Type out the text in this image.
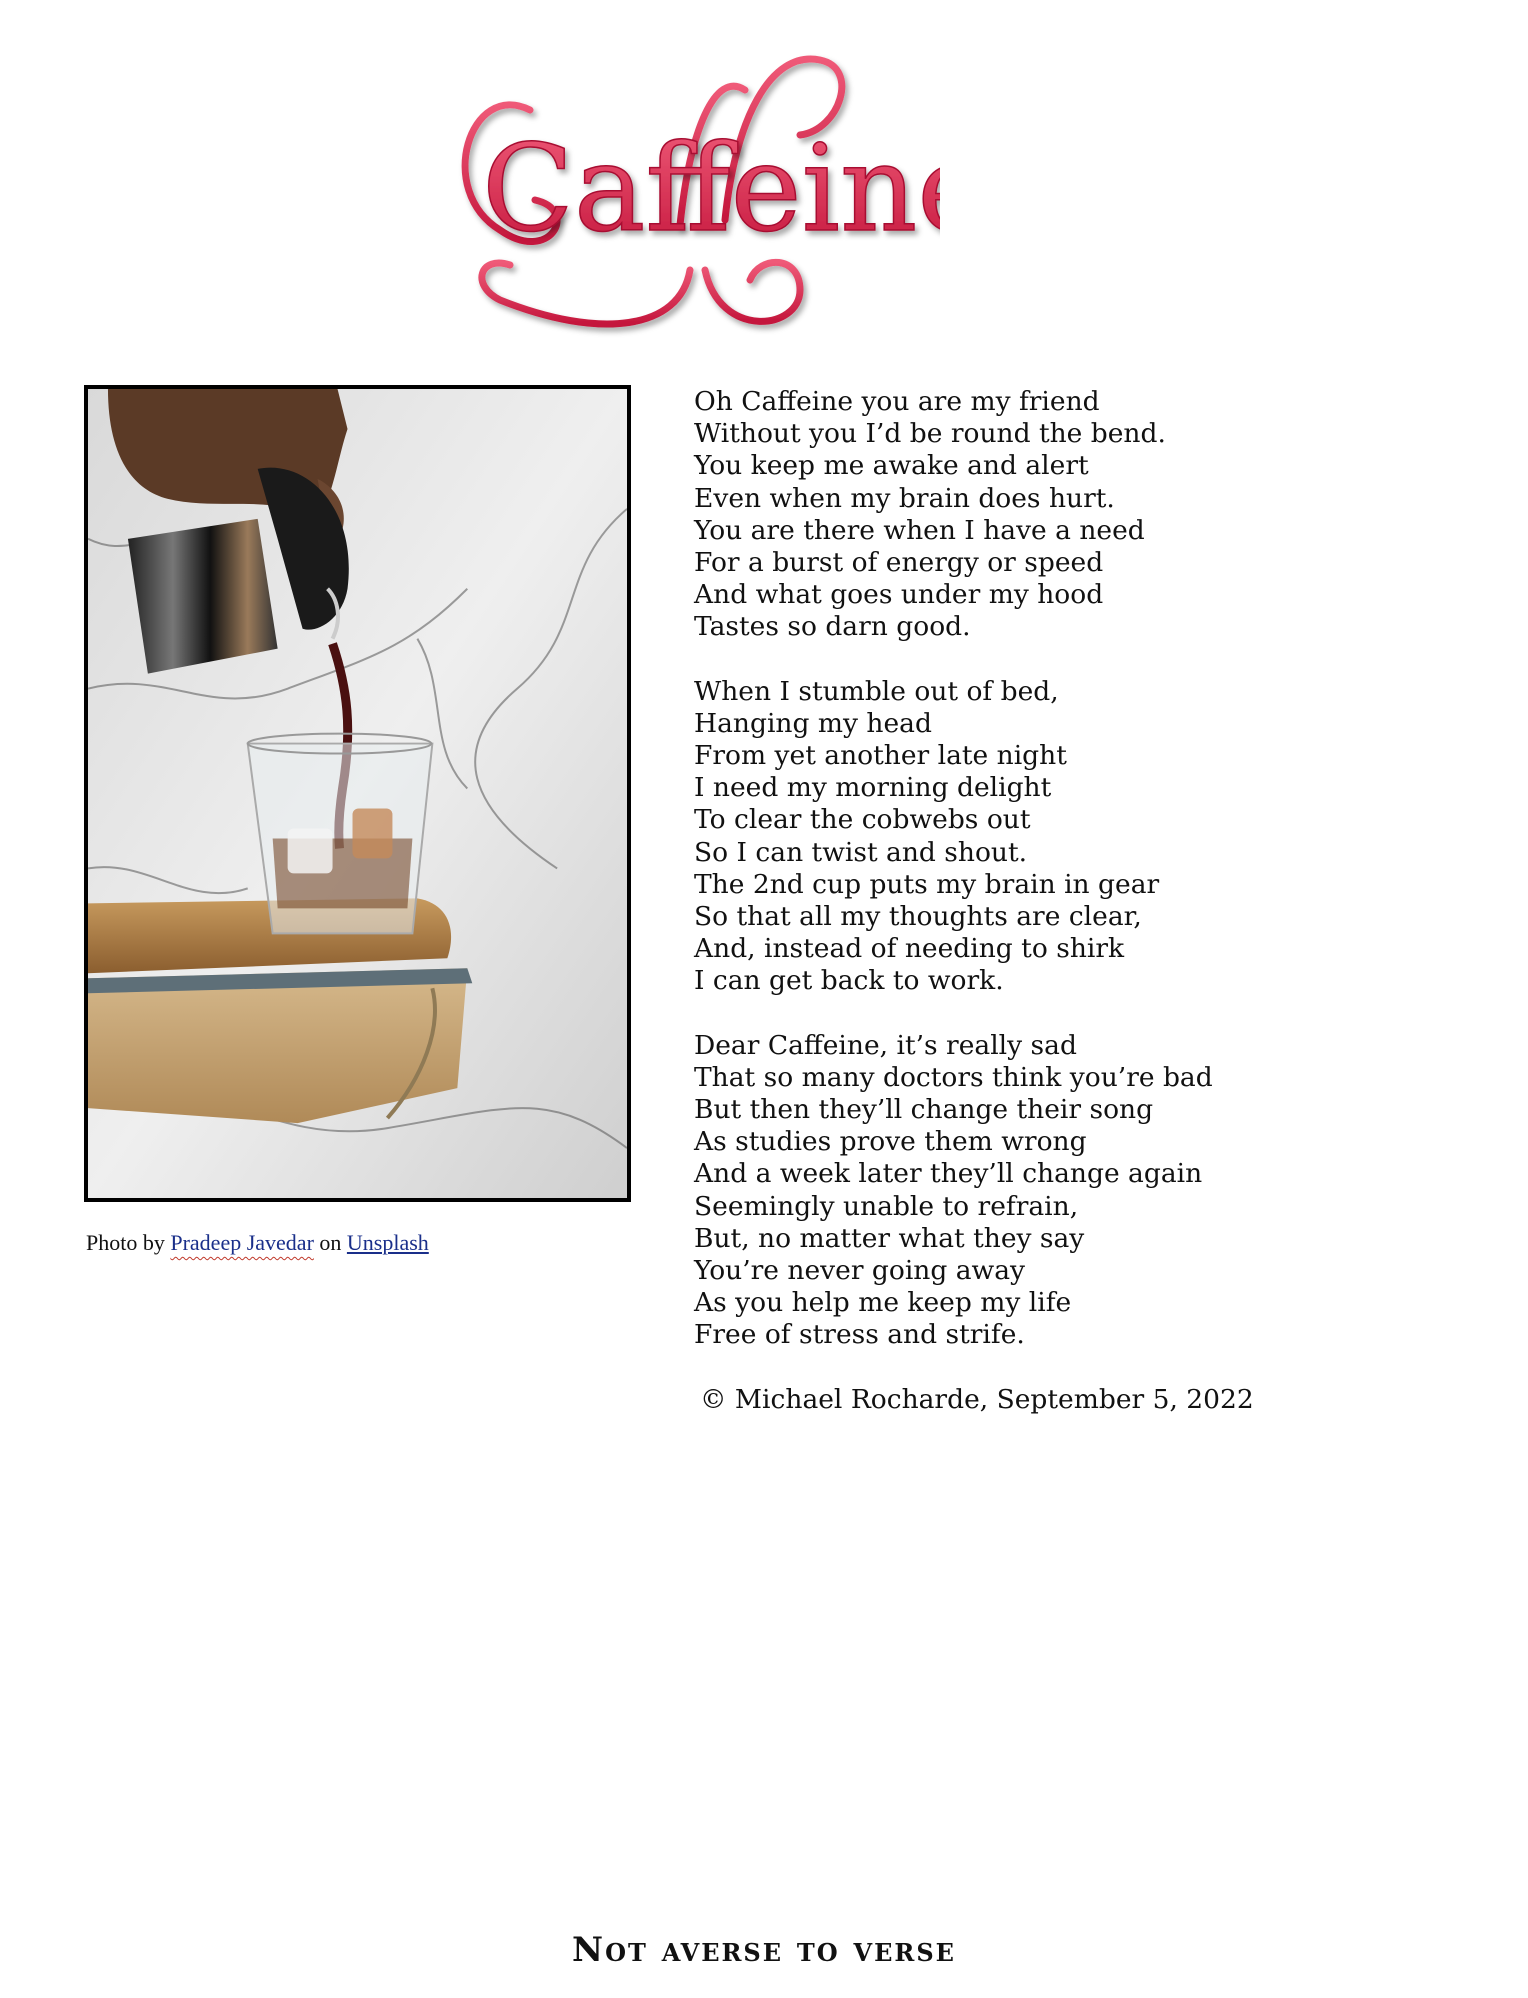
Caffeine
Photo by Pradeep Javedar on Unsplash
Oh Caffeine you are my friend
Without you I’d be round the bend.
You keep me awake and alert
Even when my brain does hurt.
You are there when I have a need
For a burst of energy or speed
And what goes under my hood
Tastes so darn good.
When I stumble out of bed,
Hanging my head
From yet another late night
I need my morning delight
To clear the cobwebs out
So I can twist and shout.
The 2nd cup puts my brain in gear
So that all my thoughts are clear,
And, instead of needing to shirk
I can get back to work.
Dear Caffeine, it’s really sad
That so many doctors think you’re bad
But then they’ll change their song
As studies prove them wrong
And a week later they’ll change again
Seemingly unable to refrain,
But, no matter what they say
You’re never going away
As you help me keep my life
Free of stress and strife.
© Michael Rocharde, September 5, 2022
Not averse to verse
